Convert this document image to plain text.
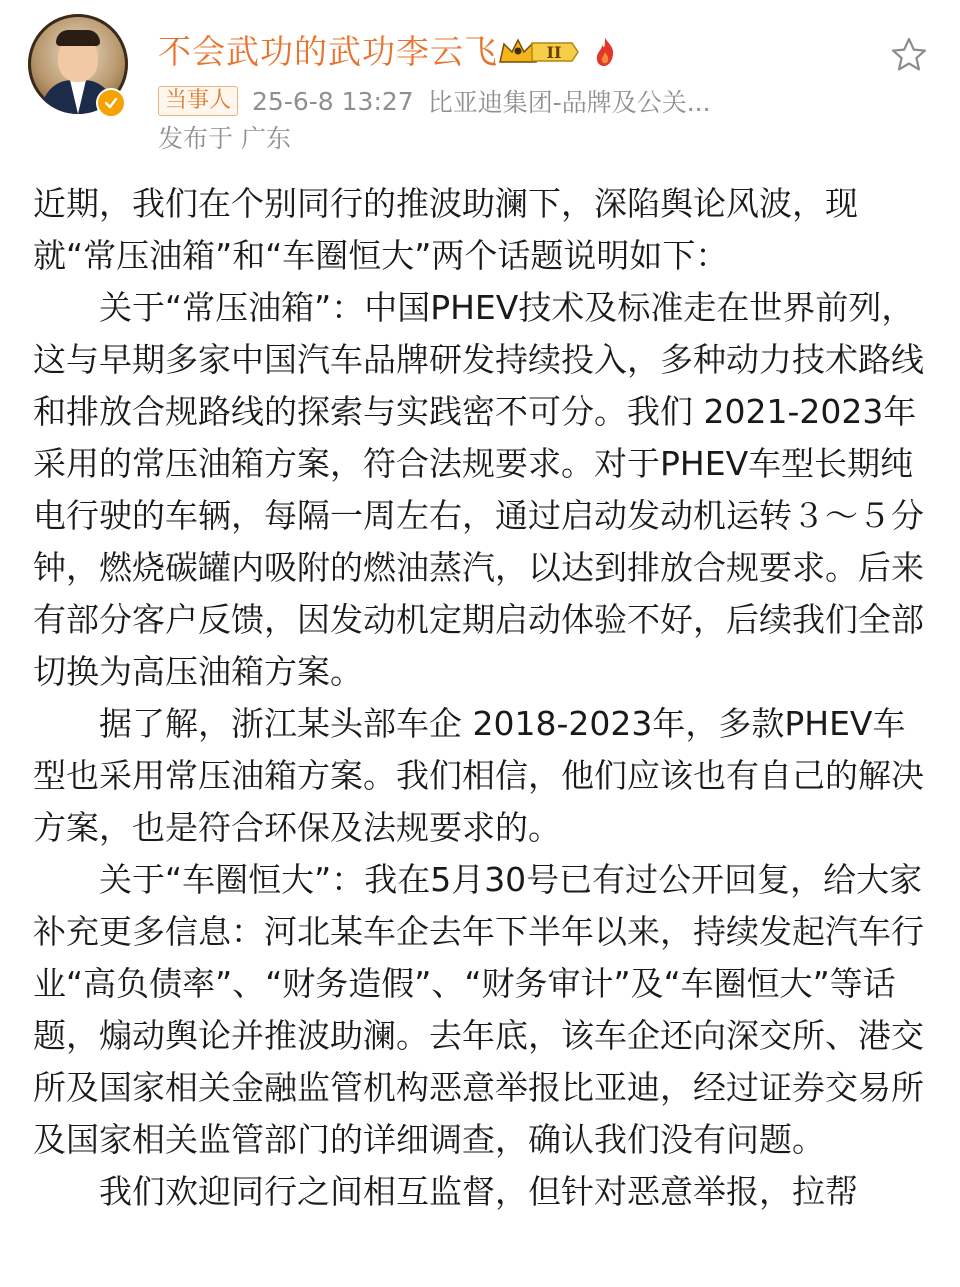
不会武功的武功李云飞	II
当事人 25-6-8 13:27 比亚迪集团-品牌及公关...
发布于 广东

近期，我们在个别同行的推波助澜下，深陷舆论风波，现就“常压油箱”和“车圈恒大”两个话题说明如下：

关于“常压油箱”：中国PHEV技术及标准走在世界前列，这与早期多家中国汽车品牌研发持续投入，多种动力技术路线和排放合规路线的探索与实践密不可分。我们 2021-2023年采用的常压油箱方案，符合法规要求。对于PHEV车型长期纯电行驶的车辆，每隔一周左右，通过启动发动机运转３～５分钟，燃烧碳罐内吸附的燃油蒸汽，以达到排放合规要求。后来有部分客户反馈，因发动机定期启动体验不好，后续我们全部切换为高压油箱方案。

据了解，浙江某头部车企 2018-2023年，多款PHEV车型也采用常压油箱方案。我们相信，他们应该也有自己的解决方案，也是符合环保及法规要求的。

关于“车圈恒大”：我在5月30号已有过公开回复，给大家补充更多信息：河北某车企去年下半年以来，持续发起汽车行业“高负债率”、“财务造假”、“财务审计”及“车圈恒大”等话题，煽动舆论并推波助澜。去年底，该车企还向深交所、港交所及国家相关金融监管机构恶意举报比亚迪，经过证券交易所及国家相关监管部门的详细调查，确认我们没有问题。

我们欢迎同行之间相互监督，但针对恶意举报，拉帮
